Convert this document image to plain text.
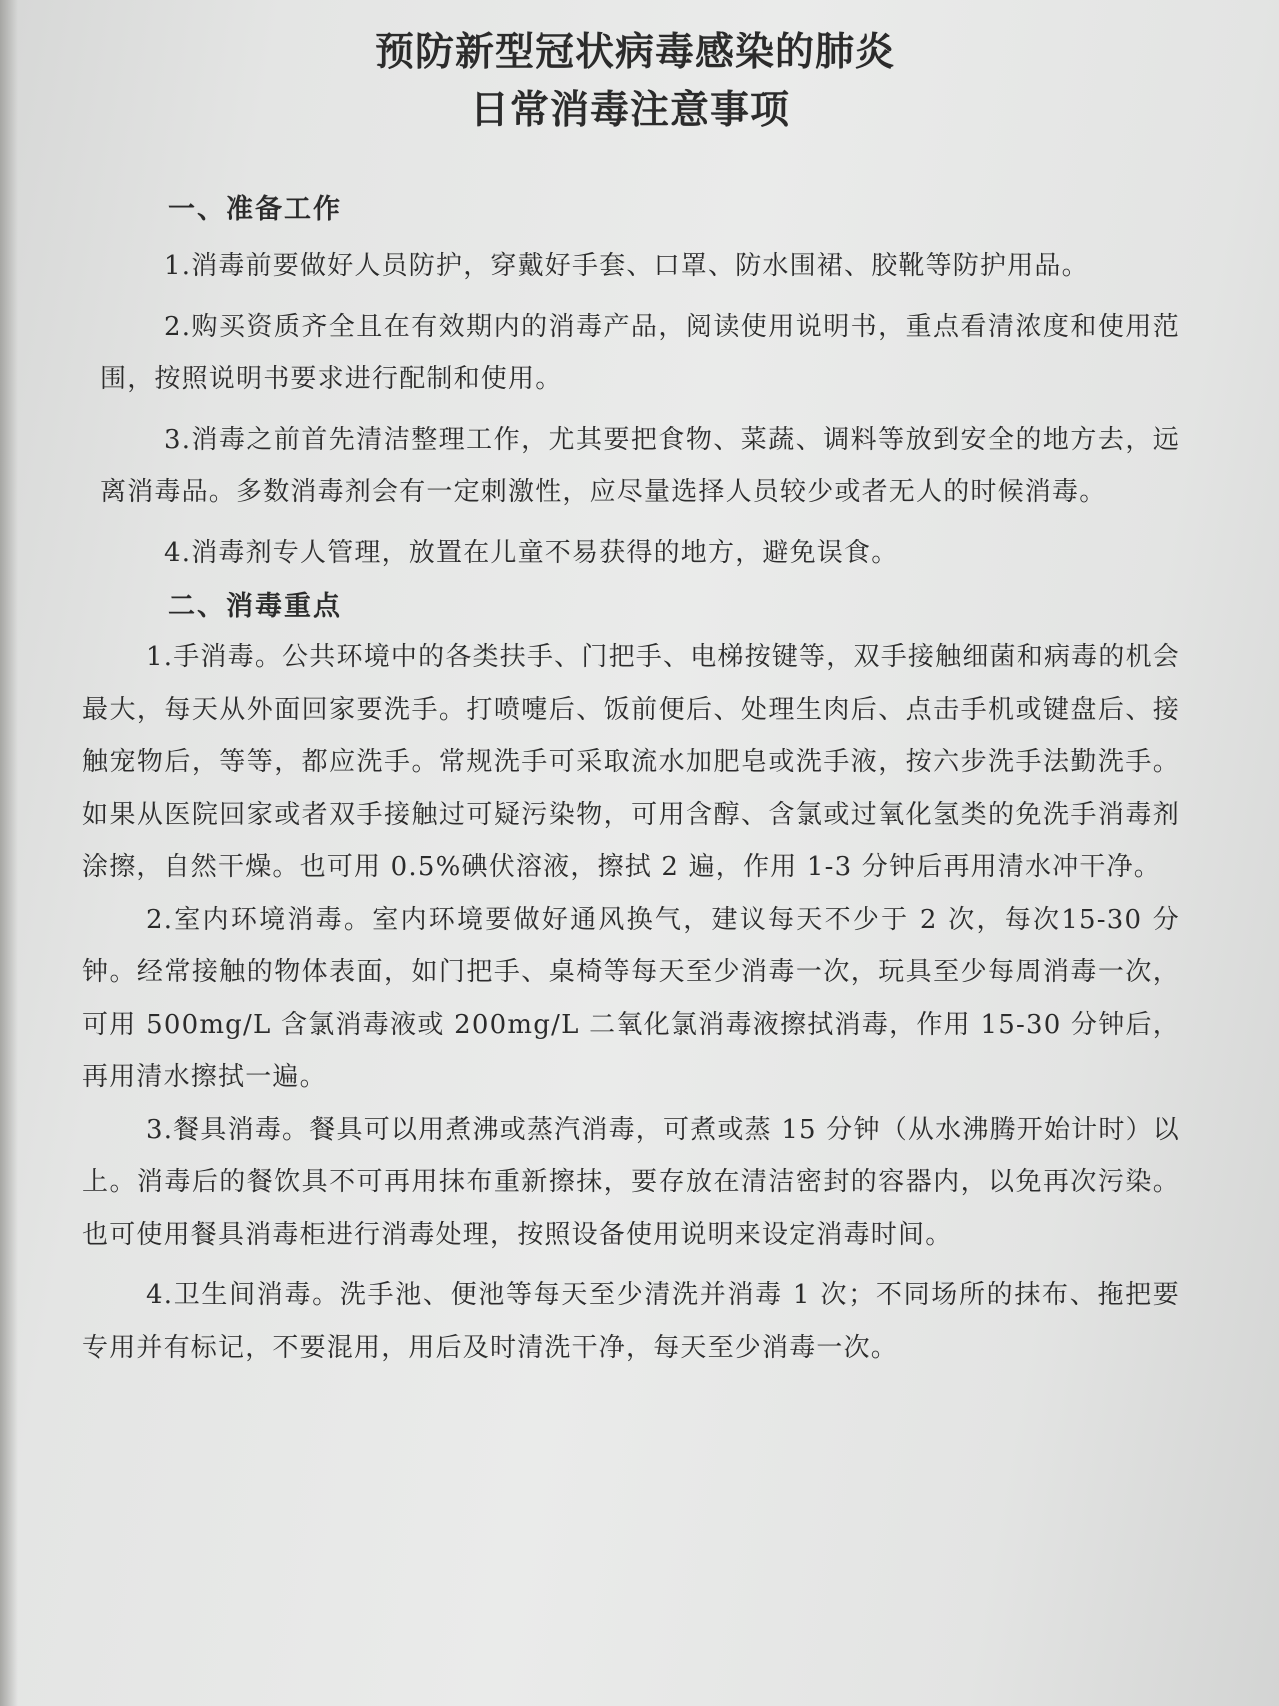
预防新型冠状病毒感染的肺炎
日常消毒注意事项

一、准备工作

1.消毒前要做好人员防护，穿戴好手套、口罩、防水围裙、胶靴等防护用品。

2.购买资质齐全且在有效期内的消毒产品，阅读使用说明书，重点看清浓度和使用范围，按照说明书要求进行配制和使用。

3.消毒之前首先清洁整理工作，尤其要把食物、菜蔬、调料等放到安全的地方去，远离消毒品。多数消毒剂会有一定刺激性，应尽量选择人员较少或者无人的时候消毒。

4.消毒剂专人管理，放置在儿童不易获得的地方，避免误食。

二、消毒重点

1.手消毒。公共环境中的各类扶手、门把手、电梯按键等，双手接触细菌和病毒的机会最大，每天从外面回家要洗手。打喷嚏后、饭前便后、处理生肉后、点击手机或键盘后、接触宠物后，等等，都应洗手。常规洗手可采取流水加肥皂或洗手液，按六步洗手法勤洗手。如果从医院回家或者双手接触过可疑污染物，可用含醇、含氯或过氧化氢类的免洗手消毒剂涂擦，自然干燥。也可用 0.5%碘伏溶液，擦拭 2 遍，作用 1-3 分钟后再用清水冲干净。

2.室内环境消毒。室内环境要做好通风换气，建议每天不少于 2 次，每次15-30 分钟。经常接触的物体表面，如门把手、桌椅等每天至少消毒一次，玩具至少每周消毒一次，可用 500mg/L 含氯消毒液或 200mg/L 二氧化氯消毒液擦拭消毒，作用 15-30 分钟后，再用清水擦拭一遍。

3.餐具消毒。餐具可以用煮沸或蒸汽消毒，可煮或蒸 15 分钟（从水沸腾开始计时）以上。消毒后的餐饮具不可再用抹布重新擦抹，要存放在清洁密封的容器内，以免再次污染。也可使用餐具消毒柜进行消毒处理，按照设备使用说明来设定消毒时间。

4.卫生间消毒。洗手池、便池等每天至少清洗并消毒 1 次；不同场所的抹布、拖把要专用并有标记，不要混用，用后及时清洗干净，每天至少消毒一次。
